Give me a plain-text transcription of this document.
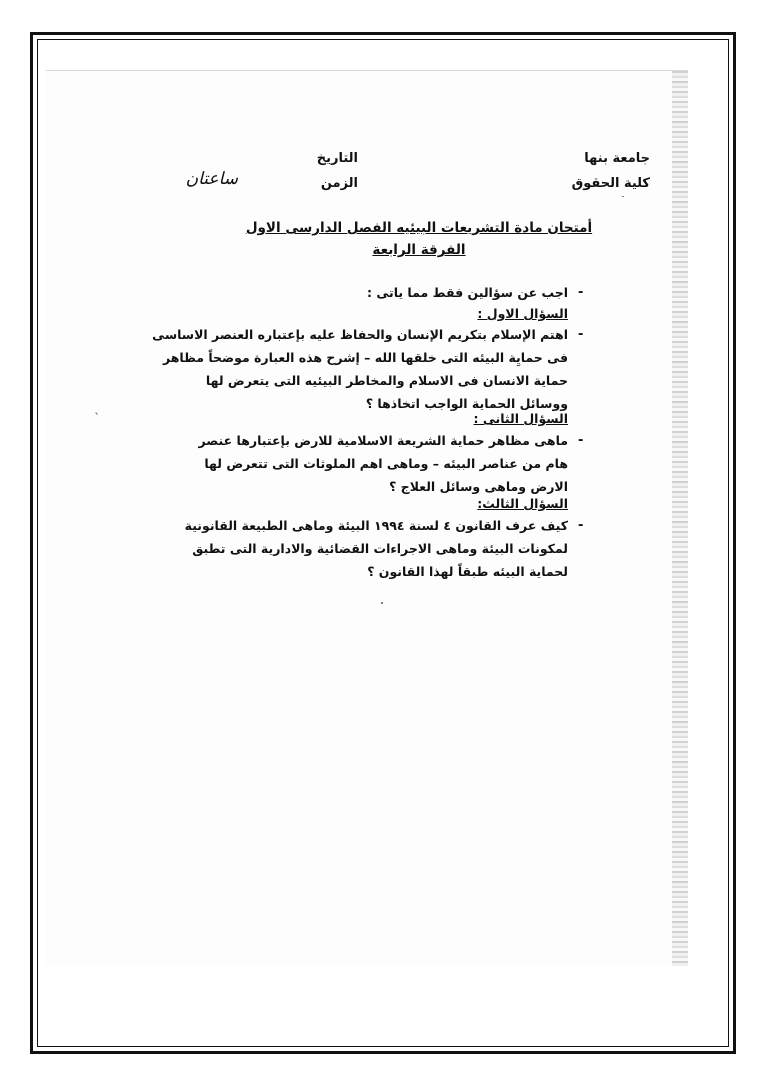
جامعة بنها
كلية الحقوق
التاريخ
الزمن
ساعتان
أمتحان مادة التشريعات البيئيه الفصل الدارسى الاول
الفرقة الرابعة
-
اجب عن سؤالين فقط مما ياتى :
السؤال الاول :
-
اهتم الإسلام بتكريم الإنسان والحفاظ عليه بإعتباره العنصر الاساسى
فى حمايِة البيئه التى خلقها الله – إشرح هذه العبارة موضحاً مظاهر
حماية الانسان فى الاسلام والمخاطر البيئيه التى يتعرض لها
ووسائل الحماية الواجب اتخاذها ؟
السؤال الثانى :
-
ماهى مظاهر حماية الشريعة الاسلامية للارض بإعتبارها عنصر
هام من عناصر البيئه – وماهى اهم الملوثات التى تتعرض لها
الارض وماهى وسائل العلاج ؟
السؤال الثالث:
-
كيف عرف القانون ٤ لسنة ١٩٩٤ البيئة وماهى الطبيعة القانونية
لمكونات البيئة وماهى الاجراءات القضائية والادارية التى تطبق
لحماية البيئه طبقاً لهذا القانون ؟
